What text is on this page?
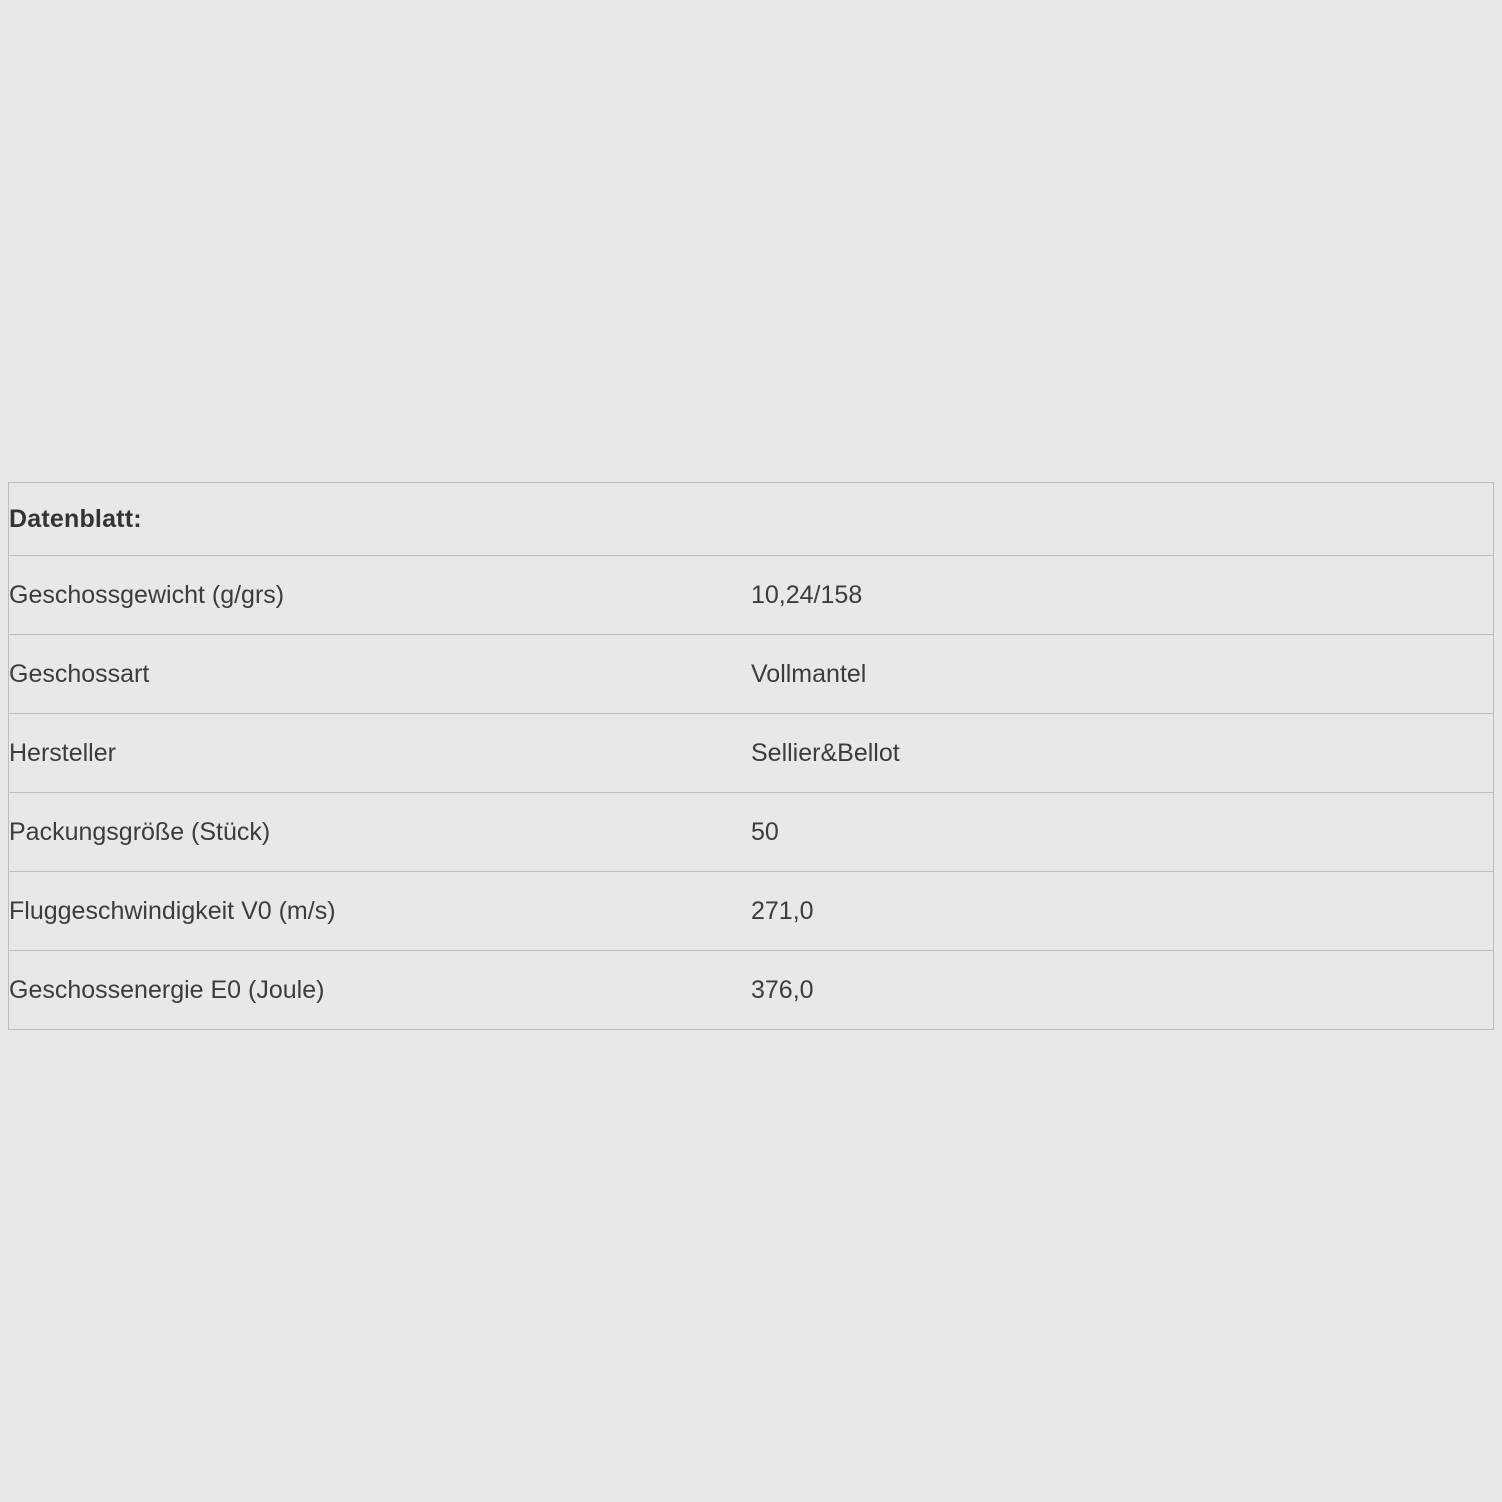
Datenblatt:	
Geschossgewicht (g/grs)	10,24/158
Geschossart	Vollmantel
Hersteller	Sellier&Bellot
Packungsgröße (Stück)	50
Fluggeschwindigkeit V0 (m/s)	271,0
Geschossenergie E0 (Joule)	376,0
